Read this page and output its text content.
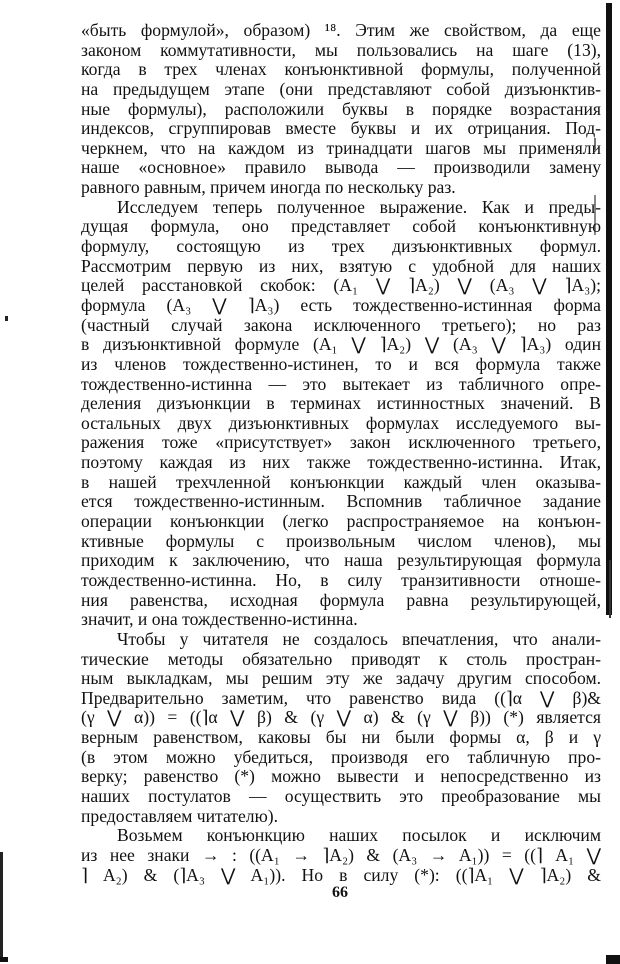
«быть формулой», образом) ¹⁸. Этим же свойством, да еще
законом коммутативности, мы пользовались на шаге (13),
когда в трех членах конъюнктивной формулы, полученной
на предыдущем этапе (они представляют собой дизъюнктив-
ные формулы), расположили буквы в порядке возрастания
индексов, сгруппировав вместе буквы и их отрицания. Под-
черкнем, что на каждом из тринадцати шагов мы применяли
наше «основное» правило вывода — производили замену
равного равным, причем иногда по нескольку раз.
Исследуем теперь полученное выражение. Как и преды-
дущая формула, оно представляет собой конъюнктивную
формулу, состоящую из трех дизъюнктивных формул.
Рассмотрим первую из них, взятую с удобной для наших
целей расстановкой скобок: (A₁ ⋁ ⌉A₂) ⋁ (A₃ ⋁ ⌉A₃);
формула (A₃ ⋁ ⌉A₃) есть тождественно-истинная форма
(частный случай закона исключенного третьего); но раз
в дизъюнктивной формуле (A₁ ⋁ ⌉A₂) ⋁ (A₃ ⋁ ⌉A₃) один
из членов тождественно-истинен, то и вся формула также
тождественно-истинна — это вытекает из табличного опре-
деления дизъюнкции в терминах истинностных значений. В
остальных двух дизъюнктивных формулах исследуемого вы-
ражения тоже «присутствует» закон исключенного третьего,
поэтому каждая из них также тождественно-истинна. Итак,
в нашей трехчленной конъюнкции каждый член оказыва-
ется тождественно-истинным. Вспомнив табличное задание
операции конъюнкции (легко распространяемое на конъюн-
ктивные формулы с произвольным числом членов), мы
приходим к заключению, что наша результирующая формула
тождественно-истинна. Но, в силу транзитивности отноше-
ния равенства, исходная формула равна результирующей,
значит, и она тождественно-истинна.
Чтобы у читателя не создалось впечатления, что анали-
тические методы обязательно приводят к столь простран-
ным выкладкам, мы решим эту же задачу другим способом.
Предварительно заметим, что равенство вида ((⌉α ⋁ β)&
(γ ⋁ α)) = ((⌉α ⋁ β) & (γ ⋁ α) & (γ ⋁ β)) (*) является
верным равенством, каковы бы ни были формы α, β и γ
(в этом можно убедиться, производя его табличную про-
верку; равенство (*) можно вывести и непосредственно из
наших постулатов — осуществить это преобразование мы
предоставляем читателю).
Возьмем конъюнкцию наших посылок и исключим
из нее знаки → : ((A₁ → ⌉A₂) & (A₃ → A₁)) = ((⌉ A₁ ⋁
⌉ A₂) & (⌉A₃ ⋁ A₁)). Но в силу (*): ((⌉A₁ ⋁ ⌉A₂) &
66
